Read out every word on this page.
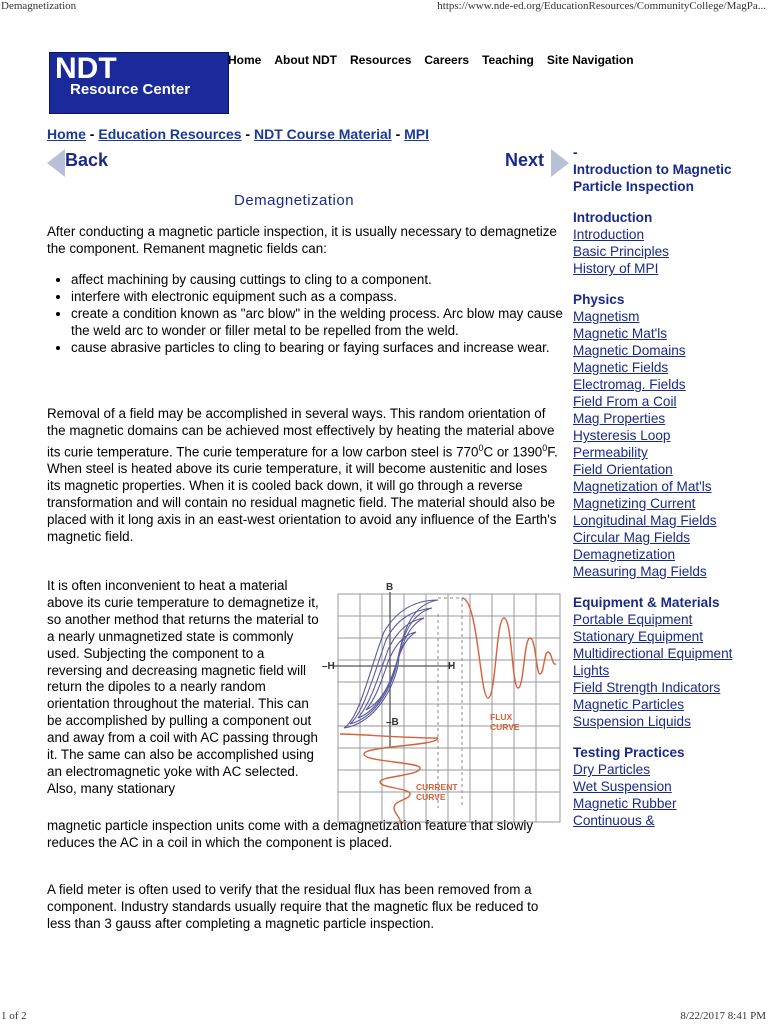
Demagnetization	https://www.nde-ed.org/EducationResources/CommunityCollege/MagPa...
NDT
Resource Center
Home About NDT Resources Careers Teaching Site Navigation
Home - Education Resources - NDT Course Material - MPI
Back	Next
Demagnetization
After conducting a magnetic particle inspection, it is usually necessary to demagnetize the component. Remanent magnetic fields can:
• affect machining by causing cuttings to cling to a component.
• interfere with electronic equipment such as a compass.
• create a condition known as "arc blow" in the welding process. Arc blow may cause the weld arc to wonder or filler metal to be repelled from the weld.
• cause abrasive particles to cling to bearing or faying surfaces and increase wear.
Removal of a field may be accomplished in several ways. This random orientation of the magnetic domains can be achieved most effectively by heating the material above its curie temperature. The curie temperature for a low carbon steel is $770^0C$ or 1390$^0$F. When steel is heated above its curie temperature, it will become austenitic and loses its magnetic properties. When it is cooled back down, it will go through a reverse transformation and will contain no residual magnetic field. The material should also be placed with it long axis in an east-west orientation to avoid any influence of the Earth's magnetic field.
It is often inconvenient to heat a material above its curie temperature to demagnetize it, so another method that returns the material to a nearly unmagnetized state is commonly used. Subjecting the component to a reversing and decreasing magnetic field will return the dipoles to a nearly random orientation throughout the material. This can be accomplished by pulling a component out and away from a coil with AC passing through it. The same can also be accomplished using an electromagnetic yoke with AC selected. Also, many stationary
magnetic particle inspection units come with a demagnetization feature that slowly reduces the AC in a coil in which the component is placed.
B
–H	H
–B	FLUX
CURVE
CURRENT
CURVE
A field meter is often used to verify that the residual flux has been removed from a component. Industry standards usually require that the magnetic flux be reduced to less than 3 gauss after completing a magnetic particle inspection.
-
Introduction to Magnetic Particle Inspection
Introduction
Introduction
Basic Principles
History of MPI
Physics
Magnetism
Magnetic Mat'ls
Magnetic Domains
Magnetic Fields
Electromag. Fields
Field From a Coil
Mag Properties
Hysteresis Loop
Permeability
Field Orientation
Magnetization of Mat'ls
Magnetizing Current
Longitudinal Mag Fields
Circular Mag Fields
Demagnetization
Measuring Mag Fields
Equipment & Materials
Portable Equipment
Stationary Equipment
Multidirectional Equipment
Lights
Field Strength Indicators
Magnetic Particles
Suspension Liquids
Testing Practices
Dry Particles
Wet Suspension
Magnetic Rubber
Continuous &
1 of 2	8/22/2017 8:41 PM
